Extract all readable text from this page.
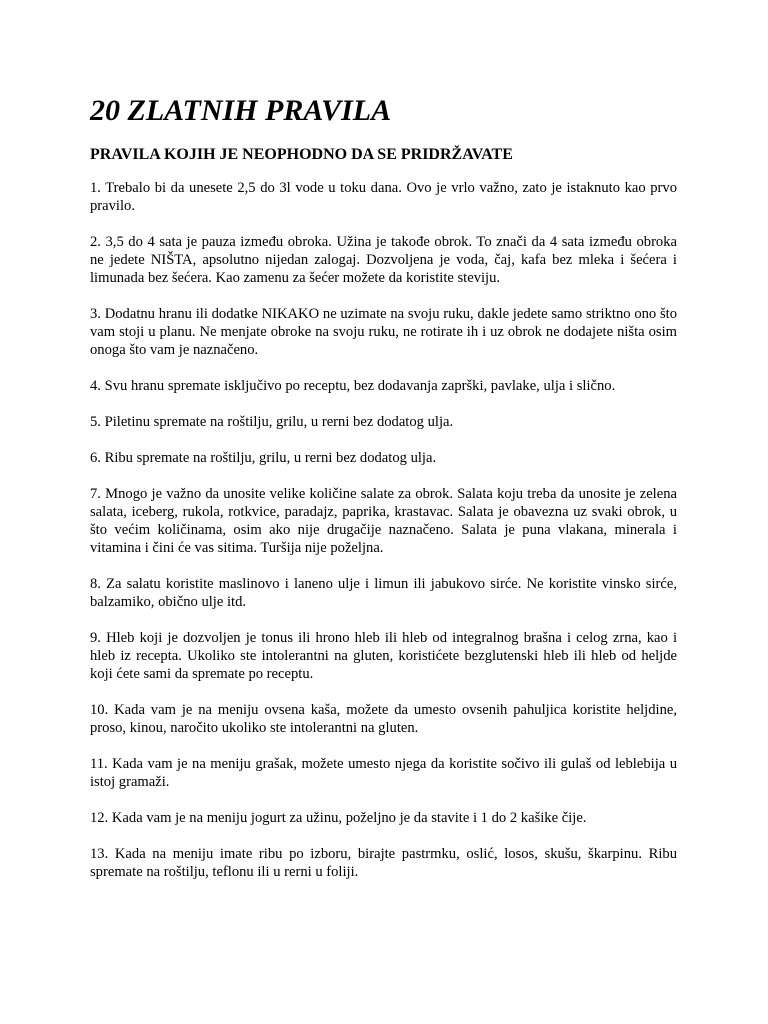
20 ZLATNIH PRAVILA
PRAVILA KOJIH JE NEOPHODNO DA SE PRIDRŽAVATE

1. Trebalo bi da unesete 2,5 do 3l vode u toku dana. Ovo je vrlo važno, zato je istaknuto kao prvo pravilo.

2. 3,5 do 4 sata je pauza između obroka. Užina je takođe obrok. To znači da 4 sata između obroka ne jedete NIŠTA, apsolutno nijedan zalogaj. Dozvoljena je voda, čaj, kafa bez mleka i šećera i limunada bez šećera. Kao zamenu za šećer možete da koristite steviju.

3. Dodatnu hranu ili dodatke NIKAKO ne uzimate na svoju ruku, dakle jedete samo striktno ono što vam stoji u planu. Ne menjate obroke na svoju ruku, ne rotirate ih i uz obrok ne dodajete ništa osim onoga što vam je naznačeno.

4. Svu hranu spremate isključivo po receptu, bez dodavanja zaprški, pavlake, ulja i slično.

5. Piletinu spremate na roštilju, grilu, u rerni bez dodatog ulja.

6. Ribu spremate na roštilju, grilu, u rerni bez dodatog ulja.

7. Mnogo je važno da unosite velike količine salate za obrok. Salata koju treba da unosite je zelena salata, iceberg, rukola, rotkvice, paradajz, paprika, krastavac. Salata je obavezna uz svaki obrok, u što većim količinama, osim ako nije drugačije naznačeno. Salata je puna vlakana, minerala i vitamina i čini će vas sitima. Turšija nije poželjna.

8. Za salatu koristite maslinovo i laneno ulje i limun ili jabukovo sirće. Ne koristite vinsko sirće, balzamiko, obično ulje itd.

9. Hleb koji je dozvoljen je tonus ili hrono hleb ili hleb od integralnog brašna i celog zrna, kao i hleb iz recepta. Ukoliko ste intolerantni na gluten, koristićete bezglutenski hleb ili hleb od heljde koji ćete sami da spremate po receptu.

10. Kada vam je na meniju ovsena kaša, možete da umesto ovsenih pahuljica koristite heljdine, proso, kinou, naročito ukoliko ste intolerantni na gluten.

11. Kada vam je na meniju grašak, možete umesto njega da koristite sočivo ili gulaš od leblebija u istoj gramaži.

12. Kada vam je na meniju jogurt za užinu, poželjno je da stavite i 1 do 2 kašike čije.

13. Kada na meniju imate ribu po izboru, birajte pastrmku, oslić, losos, skušu, škarpinu. Ribu spremate na roštilju, teflonu ili u rerni u foliji.
